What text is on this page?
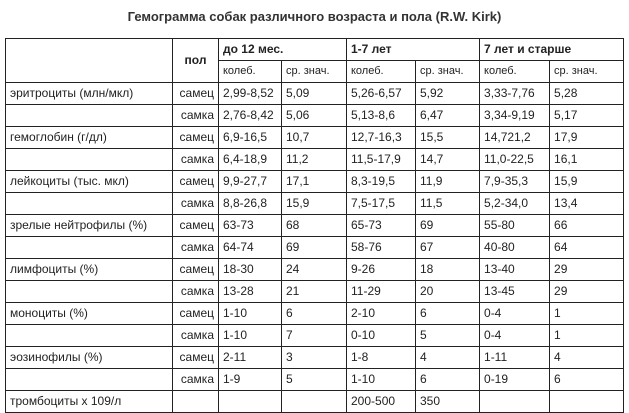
Гемограмма собак различного возраста и пола (R.W. Kirk)
	пол	до 12 мес.		1-7 лет		7 лет и старше	
		колеб.	ср. знач.	колеб.	ср. знач.	колеб.	ср. знач.
эритроциты (млн/мкл)	самец	2,99-8,52	5,09	5,26-6,57	5,92	3,33-7,76	5,28
	самка	2,76-8,42	5,06	5,13-8,6	6,47	3,34-9,19	5,17
гемоглобин (г/дл)	самец	6,9-16,5	10,7	12,7-16,3	15,5	14,721,2	17,9
	самка	6,4-18,9	11,2	11,5-17,9	14,7	11,0-22,5	16,1
лейкоциты (тыс. мкл)	самец	9,9-27,7	17,1	8,3-19,5	11,9	7,9-35,3	15,9
	самка	8,8-26,8	15,9	7,5-17,5	11,5	5,2-34,0	13,4
зрелые нейтрофилы (%)	самец	63-73	68	65-73	69	55-80	66
	самка	64-74	69	58-76	67	40-80	64
лимфоциты (%)	самец	18-30	24	9-26	18	13-40	29
	самка	13-28	21	11-29	20	13-45	29
моноциты (%)	самец	1-10	6	2-10	6	0-4	1
	самка	1-10	7	0-10	5	0-4	1
эозинофилы (%)	самец	2-11	3	1-8	4	1-11	4
	самка	1-9	5	1-10	6	0-19	6
тромбоциты х 109/л				200-500	350		
